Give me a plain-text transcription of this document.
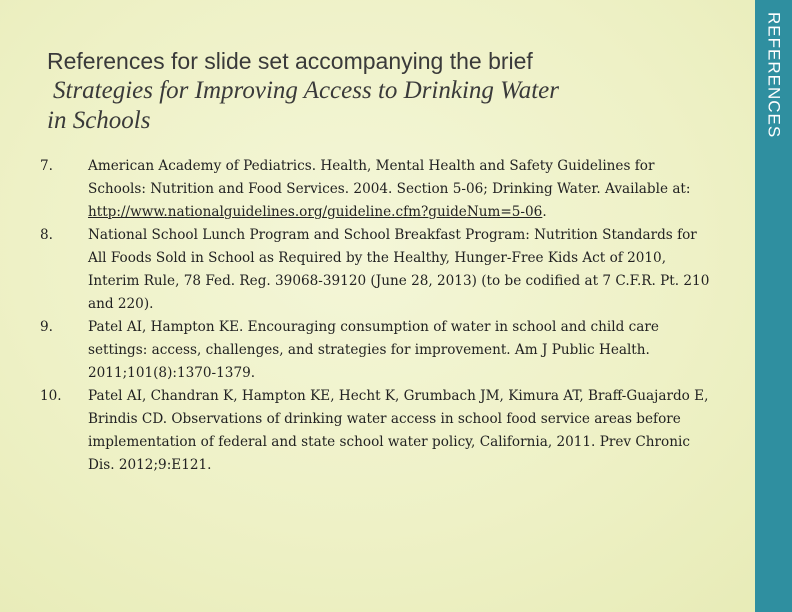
REFERENCES
References for slide set accompanying the brief
Strategies for Improving Access to Drinking Water
in Schools
7.	American Academy of Pediatrics. Health, Mental Health and Safety Guidelines for Schools: Nutrition and Food Services. 2004. Section 5-06; Drinking Water. Available at: http://www.nationalguidelines.org/guideline.cfm?guideNum=5-06.
8.	National School Lunch Program and School Breakfast Program: Nutrition Standards for All Foods Sold in School as Required by the Healthy, Hunger-Free Kids Act of 2010, Interim Rule, 78 Fed. Reg. 39068-39120 (June 28, 2013) (to be codified at 7 C.F.R. Pt. 210 and 220).
9.	Patel AI, Hampton KE. Encouraging consumption of water in school and child care settings: access, challenges, and strategies for improvement. Am J Public Health. 2011;101(8):1370-1379.
10.	Patel AI, Chandran K, Hampton KE, Hecht K, Grumbach JM, Kimura AT, Braff-Guajardo E, Brindis CD. Observations of drinking water access in school food service areas before implementation of federal and state school water policy, California, 2011. Prev Chronic Dis. 2012;9:E121.
